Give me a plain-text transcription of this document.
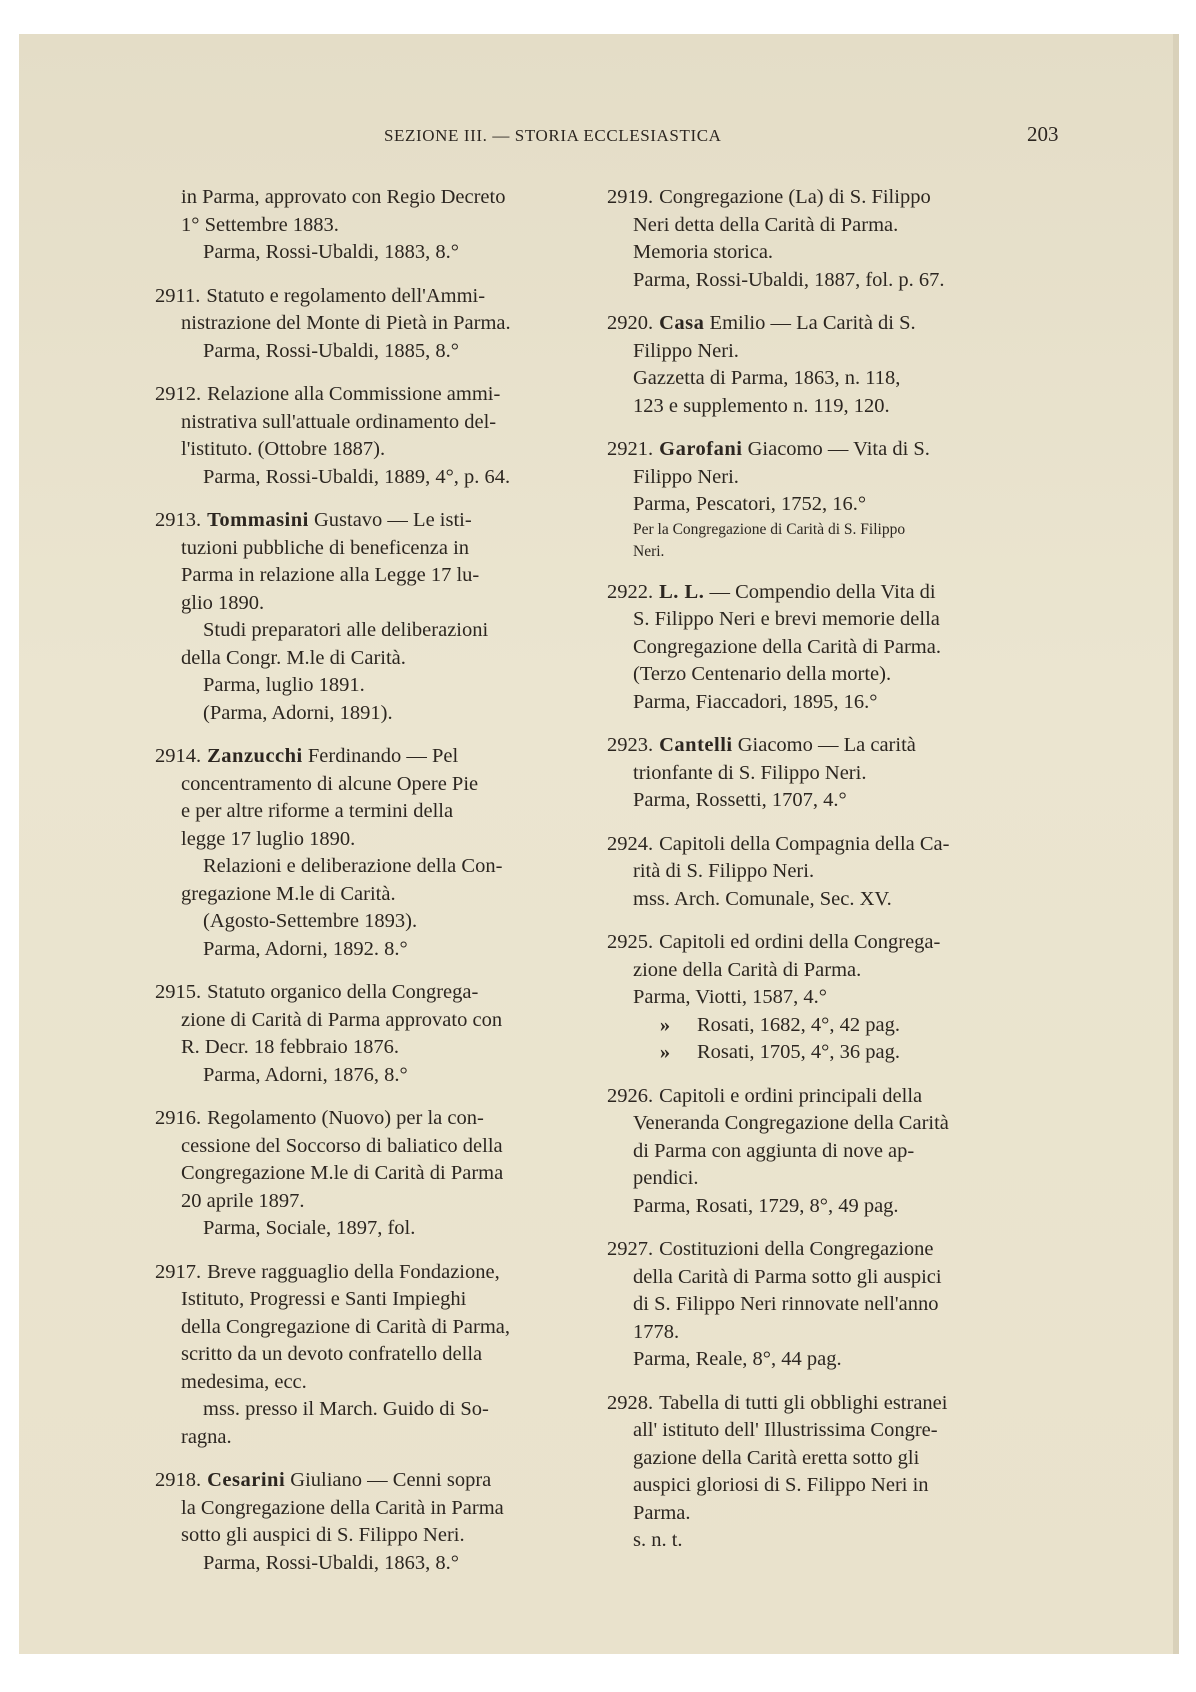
SEZIONE III. — STORIA ECCLESIASTICA	203
in Parma, approvato con Regio Decreto
1° Settembre 1883.
Parma, Rossi-Ubaldi, 1883, 8.°
2911. Statuto e regolamento dell'Ammi-
nistrazione del Monte di Pietà in Parma.
Parma, Rossi-Ubaldi, 1885, 8.°
2912. Relazione alla Commissione ammi-
nistrativa sull'attuale ordinamento del-
l'istituto. (Ottobre 1887).
Parma, Rossi-Ubaldi, 1889, 4°, p. 64.
2913. Tommasini Gustavo — Le isti-
tuzioni pubbliche di beneficenza in
Parma in relazione alla Legge 17 lu-
glio 1890.
Studi preparatori alle deliberazioni
della Congr. M.le di Carità.
Parma, luglio 1891.
(Parma, Adorni, 1891).
2914. Zanzucchi Ferdinando — Pel
concentramento di alcune Opere Pie
e per altre riforme a termini della
legge 17 luglio 1890.
Relazioni e deliberazione della Con-
gregazione M.le di Carità.
(Agosto-Settembre 1893).
Parma, Adorni, 1892. 8.°
2915. Statuto organico della Congrega-
zione di Carità di Parma approvato con
R. Decr. 18 febbraio 1876.
Parma, Adorni, 1876, 8.°
2916. Regolamento (Nuovo) per la con-
cessione del Soccorso di baliatico della
Congregazione M.le di Carità di Parma
20 aprile 1897.
Parma, Sociale, 1897, fol.
2917. Breve ragguaglio della Fondazione,
Istituto, Progressi e Santi Impieghi
della Congregazione di Carità di Parma,
scritto da un devoto confratello della
medesima, ecc.
mss. presso il March. Guido di So-
ragna.
2918. Cesarini Giuliano — Cenni sopra
la Congregazione della Carità in Parma
sotto gli auspici di S. Filippo Neri.
Parma, Rossi-Ubaldi, 1863, 8.°
2919. Congregazione (La) di S. Filippo
Neri detta della Carità di Parma.
Memoria storica.
Parma, Rossi-Ubaldi, 1887, fol. p. 67.
2920. Casa Emilio — La Carità di S.
Filippo Neri.
Gazzetta di Parma, 1863, n. 118,
123 e supplemento n. 119, 120.
2921. Garofani Giacomo — Vita di S.
Filippo Neri.
Parma, Pescatori, 1752, 16.°
Per la Congregazione di Carità di S. Filippo
Neri.
2922. L. L. — Compendio della Vita di
S. Filippo Neri e brevi memorie della
Congregazione della Carità di Parma.
(Terzo Centenario della morte).
Parma, Fiaccadori, 1895, 16.°
2923. Cantelli Giacomo — La carità
trionfante di S. Filippo Neri.
Parma, Rossetti, 1707, 4.°
2924. Capitoli della Compagnia della Ca-
rità di S. Filippo Neri.
mss. Arch. Comunale, Sec. XV.
2925. Capitoli ed ordini della Congrega-
zione della Carità di Parma.
Parma, Viotti, 1587, 4.°
» Rosati, 1682, 4°, 42 pag.
» Rosati, 1705, 4°, 36 pag.
2926. Capitoli e ordini principali della
Veneranda Congregazione della Carità
di Parma con aggiunta di nove ap-
pendici.
Parma, Rosati, 1729, 8°, 49 pag.
2927. Costituzioni della Congregazione
della Carità di Parma sotto gli auspici
di S. Filippo Neri rinnovate nell'anno
1778.
Parma, Reale, 8°, 44 pag.
2928. Tabella di tutti gli obblighi estranei
all' istituto dell' Illustrissima Congre-
gazione della Carità eretta sotto gli
auspici gloriosi di S. Filippo Neri in
Parma.
s. n. t.
